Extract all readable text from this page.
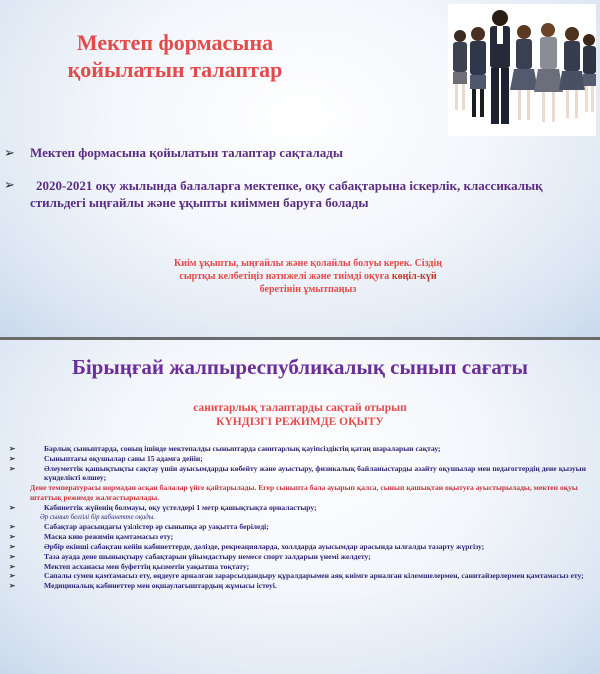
Мектеп формасына
қойылатын талаптар
➢ Мектеп формасына қойылатын талаптар сақталады
➢	2020-2021 оқу жылында балаларға мектепке, оқу сабақтарына іскерлік, классикалық стильдегі ыңғайлы және ұқыпты киіммен баруға болады
Киім ұқыпты, ыңғайлы және қолайлы болуы керек. Сіздің сыртқы келбетіңіз нәтижелі және тиімді оқуға көңіл-күй беретінін ұмытпаңыз
Бірыңғай жалпыреспубликалық сынып сағаты
санитарлық талаптарды сақтай отырып
КҮНДІЗГІ РЕЖИМДЕ ОҚЫТУ
➢	Барлық сыныптарда, соның ішінде мектепалды сыныптарда санитарлық қауіпсіздіктің қатаң шараларын сақтау;
➢	Сыныптағы оқушылар саны 15 адамға дейін;
➢	Әлеуметтік қашықтықты сақтау үшін ауысымдарды көбейту және ауыстыру, физикалық байланыстарды азайту оқушылар мен педагогтердің дене қызуын күнделікті өлшеу;
Дене температурасы нормадан асқан балалар үйге қайтарылады. Егер сыныпта бала ауырып қалса, сынып қашықтан оқытуға ауыстырылады, мектеп оқуы штаттық режимде жалғастырылады.
➢	Кабинеттік жүйенің болмауы, оқу үстелдері 1 метр қашықтықта орналастыру;
Әр сынып белгілі бір кабинетте оқиды.
➢	Сабақтар арасындағы үзілістер әр сыныпқа әр уақытта беріледі;
➢	Маска кию режимін қамтамасыз ету;
➢	Әрбір екінші сабақтан кейін кабинеттерде, дәлізде, рекреацияларда, холлдарда ауысымдар арасында ылғалды тазарту жүргізу;
➢	Таза ауада дене шынықтыру сабақтарын ұйымдастыру немесе спорт залдарын үнемі желдету;
➢	Мектеп асханасы мен буфеттің қызметін уақытша тоқтату;
➢	Сапалы сумен қамтамасыз ету, өңдеуге арналған зарарсыздандыру құралдарымен аяқ киімге арналған кілемшелермен, санитайзерлермен қамтамасыз ету;
➢	Медициналық кабинеттер мен оқшаулағыштардың жұмысы істеуі.
